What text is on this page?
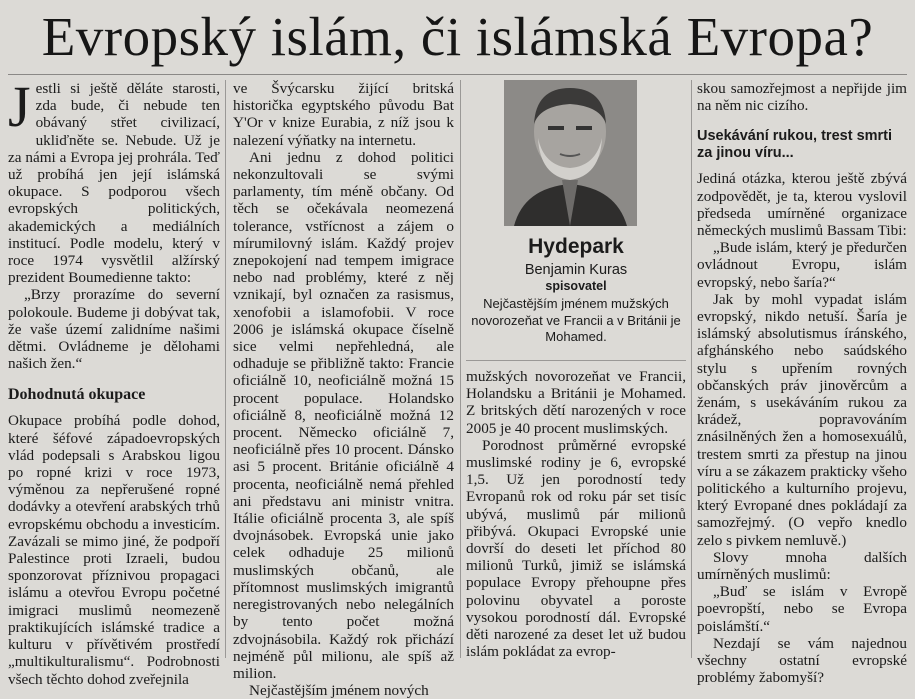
Evropský islám, či islámská Evropa?
J estli si ještě děláte starosti, zda bude, či nebude ten obávaný střet civilizací, ukliďněte se. Nebude. Už je za námi a Evropa jej prohrála. Teď už probíhá jen její islámská okupace. S podporou všech evropských politických, akademických a mediálních institucí. Podle modelu, který v roce 1974 vysvětlil alžírský prezident Boumedienne takto:

„Brzy prorazíme do severní polokoule. Budeme ji dobývat tak, že vaše území zalidníme našimi dětmi. Ovládneme je dělohami našich žen.“

Dohodnutá okupace

Okupace probíhá podle dohod, které šéfové západoevropských vlád podepsali s Arabskou ligou po ropné krizi v roce 1973, výměnou za nepřerušené ropné dodávky a otevření arabských trhů evropskému obchodu a investicím. Zavázali se mimo jiné, že podpoří Palestince proti Izraeli, budou sponzorovat příznivou propagaci islámu a otevřou Evropu početné imigraci muslimů neomezeně praktikujících islámské tradice a kulturu v přívětivém prostředí „multikulturalismu“. Podrobnosti všech těchto dohod zveřejnila

ve Švýcarsku žijící britská historička egyptského původu Bat Y'Or v knize Eurabia, z níž jsou k nalezení výňatky na internetu.

Ani jednu z dohod politici nekonzultovali se svými parlamenty, tím méně občany. Od těch se očekávala neomezená tolerance, vstřícnost a zájem o mírumilovný islám. Každý projev znepokojení nad tempem imigrace nebo nad problémy, které z něj vznikají, byl označen za rasismus, xenofobii a islamofobii. V roce 2006 je islámská okupace číselně sice velmi nepřehledná, ale odhaduje se přibližně takto: Francie oficiálně 10, neoficiálně možná 15 procent populace. Holandsko oficiálně 8, neoficiálně možná 12 procent. Německo oficiálně 7, neoficiálně přes 10 procent. Dánsko asi 5 procent. Británie oficiálně 4 procenta, neoficiálně nemá přehled ani představu ani ministr vnitra. Itálie oficiálně procenta 3, ale spíš dvojnásobek. Evropská unie jako celek odhaduje 25 milionů muslimských občanů, ale přítomnost muslimských imigrantů neregistrovaných nebo nelegálních by tento počet možná zdvojnásobila. Každý rok přichází nejméně půl milionu, ale spíš až milion.

Nejčastějším jménem nových

Hydepark
Benjamin Kuras
spisovatel
Nejčastějším jménem mužských novorozeňat ve Francii a v Británii je Mohamed.

mužských novorozeňat ve Francii, Holandsku a Británii je Mohamed. Z britských dětí narozených v roce 2005 je 40 procent muslimských.

Porodnost průměrné evropské muslimské rodiny je 6, evropské 1,5. Už jen porodností tedy Evropanů rok od roku pár set tisíc ubývá, muslimů pár milionů přibývá. Okupaci Evropské unie dovrší do deseti let příchod 80 milionů Turků, jimiž se islámská populace Evropy přehoupne přes polovinu obyvatel a poroste vysokou porodností dál. Evropské děti narozené za deset let už budou islám pokládat za evrop-

skou samozřejmost a nepřijde jim na něm nic cizího.

Usekávání rukou, trest smrti za jinou víru...

Jediná otázka, kterou ještě zbývá zodpovědět, je ta, kterou vyslovil předseda umírněné organizace německých muslimů Bassam Tibi:

„Bude islám, který je předurčen ovládnout Evropu, islám evropský, nebo šaría?“

Jak by mohl vypadat islám evropský, nikdo netuší. Šaría je islámský absolutismus íránského, afghánského nebo saúdského stylu s upřením rovných občanských práv jinověrcům a ženám, s usekáváním rukou za krádež, popravováním znásilněných žen a homosexuálů, trestem smrti za přestup na jinou víru a se zákazem prakticky všeho politického a kulturního projevu, který Evropané dnes pokládají za samozřejmý. (O vepřo knedlo zelo s pivkem nemluvě.)

Slovy mnoha dalších umírněných muslimů:

„Buď se islám v Evropě poevropští, nebo se Evropa poislámští.“

Nezdají se vám najednou všechny ostatní evropské problémy žabomyší?
